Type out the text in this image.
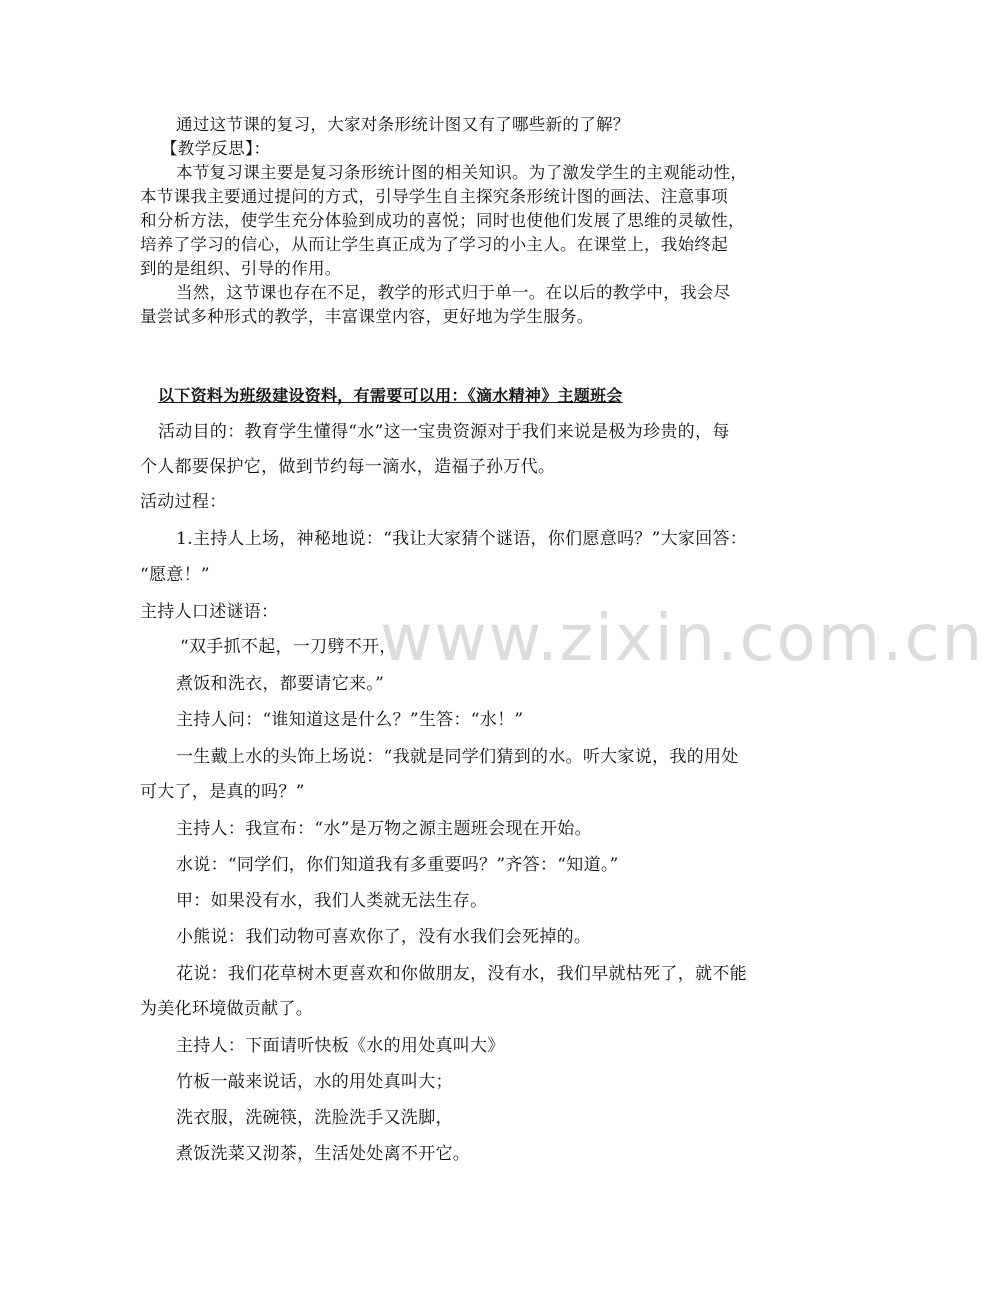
通过这节课的复习，大家对条形统计图又有了哪些新的了解？

【教学反思】：

本节复习课主要是复习条形统计图的相关知识。为了激发学生的主观能动性，

本节课我主要通过提问的方式，引导学生自主探究条形统计图的画法、注意事项

和分析方法，使学生充分体验到成功的喜悦；同时也使他们发展了思维的灵敏性，

培养了学习的信心，从而让学生真正成为了学习的小主人。在课堂上，我始终起

到的是组织、引导的作用。

当然，这节课也存在不足，教学的形式归于单一。在以后的教学中，我会尽

量尝试多种形式的教学，丰富课堂内容，更好地为学生服务。

以下资料为班级建设资料，有需要可以用：《滴水精神》主题班会

活动目的：教育学生懂得“水”这一宝贵资源对于我们来说是极为珍贵的，每

个人都要保护它，做到节约每一滴水，造福子孙万代。

活动过程：

1.主持人上场，神秘地说：“我让大家猜个谜语，你们愿意吗？”大家回答：

“愿意！”

主持人口述谜语：

“双手抓不起，一刀劈不开，

煮饭和洗衣，都要请它来。”

主持人问：“谁知道这是什么？”生答：“水！”

一生戴上水的头饰上场说：“我就是同学们猜到的水。听大家说，我的用处

可大了，是真的吗？”

主持人：我宣布：“水”是万物之源主题班会现在开始。

水说：“同学们，你们知道我有多重要吗？”齐答：“知道。”

甲：如果没有水，我们人类就无法生存。

小熊说：我们动物可喜欢你了，没有水我们会死掉的。

花说：我们花草树木更喜欢和你做朋友，没有水，我们早就枯死了，就不能

为美化环境做贡献了。

主持人：下面请听快板《水的用处真叫大》

竹板一敲来说话，水的用处真叫大；

洗衣服，洗碗筷，洗脸洗手又洗脚，

煮饭洗菜又沏茶，生活处处离不开它。

www.zixin.com.cn
